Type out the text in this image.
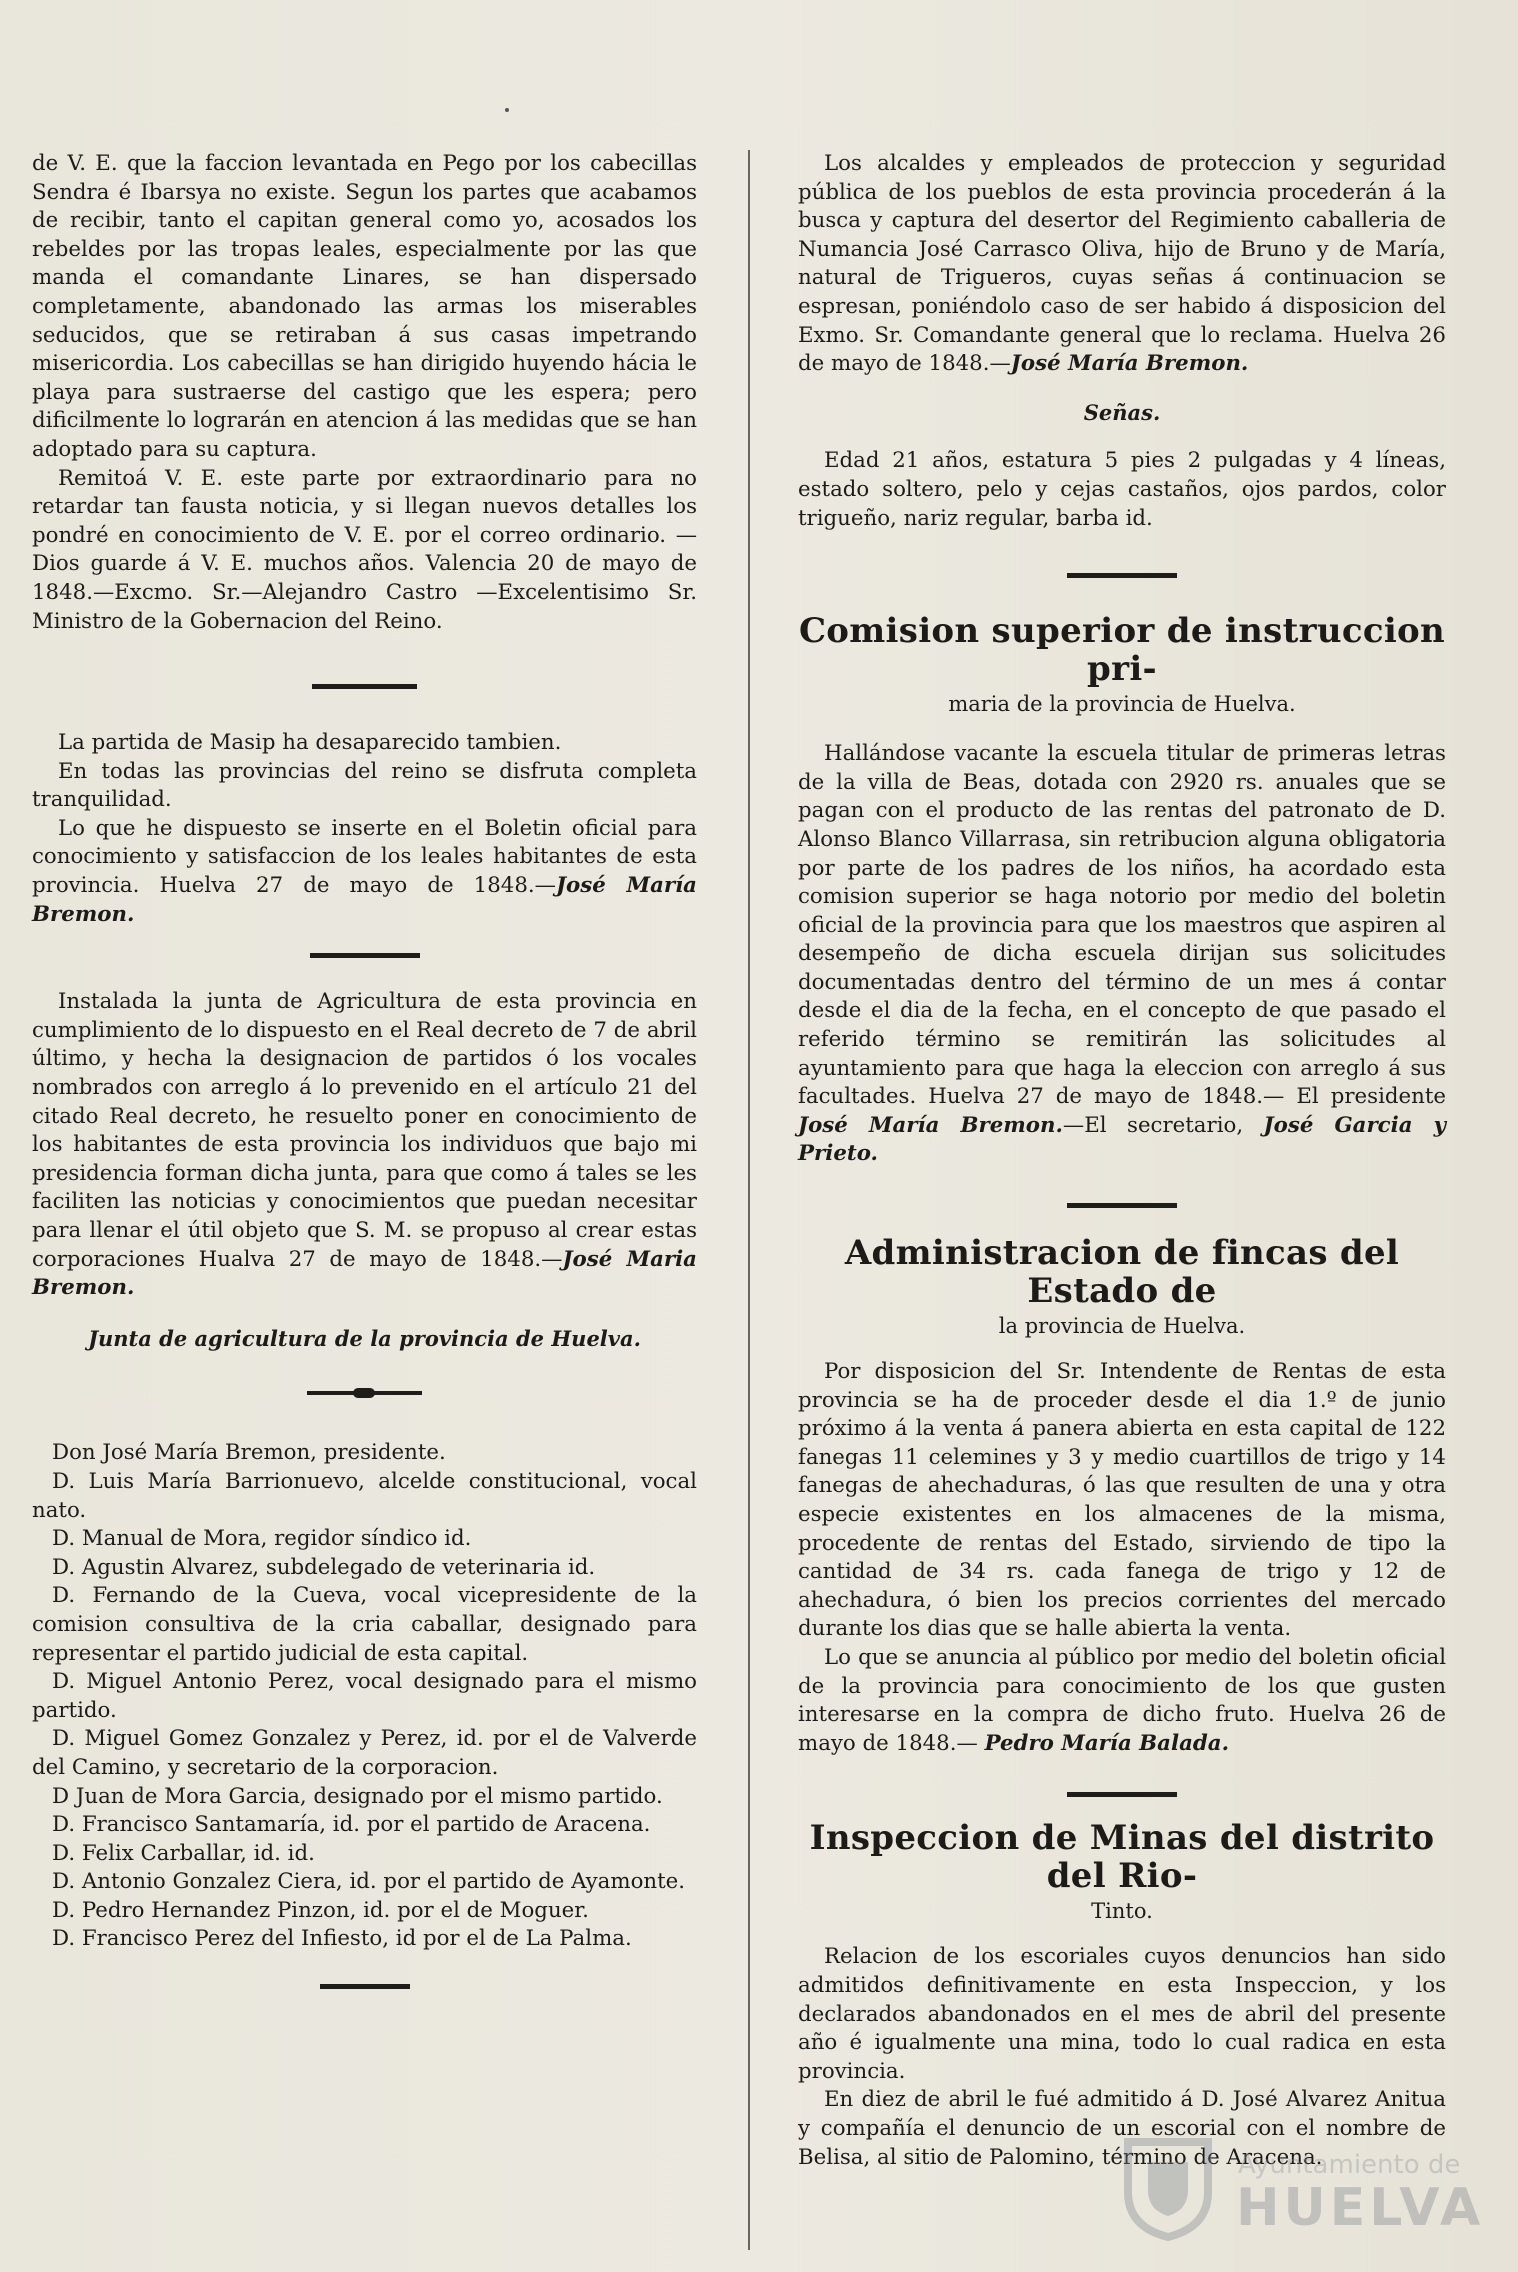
de V. E. que la faccion levantada en Pego por los cabecillas Sendra é Ibarsya no existe. Segun los partes que acabamos de recibir, tanto el capitan general como yo, acosados los rebeldes por las tropas leales, especialmente por las que manda el comandante Linares, se han dispersado completamente, abandonado las armas los miserables seducidos, que se retiraban á sus casas impetrando misericordia. Los cabecillas se han dirigido huyendo hácia le playa para sustraerse del castigo que les espera; pero dificilmente lo lograrán en atencion á las medidas que se han adoptado para su captura.

Remitoá V. E. este parte por extraordinario para no retardar tan fausta noticia, y si llegan nuevos detalles los pondré en conocimiento de V. E. por el correo ordinario. —Dios guarde á V. E. muchos años. Valencia 20 de mayo de 1848.—Excmo. Sr.—Alejandro Castro —Excelentisimo Sr. Ministro de la Gobernacion del Reino.

La partida de Masip ha desaparecido tambien.

En todas las provincias del reino se disfruta completa tranquilidad.

Lo que he dispuesto se inserte en el Boletin oficial para conocimiento y satisfaccion de los leales habitantes de esta provincia. Huelva 27 de mayo de 1848.—José María Bremon.

Instalada la junta de Agricultura de esta provincia en cumplimiento de lo dispuesto en el Real decreto de 7 de abril último, y hecha la designacion de partidos ó los vocales nombrados con arreglo á lo prevenido en el artículo 21 del citado Real decreto, he resuelto poner en conocimiento de los habitantes de esta provincia los individuos que bajo mi presidencia forman dicha junta, para que como á tales se les faciliten las noticias y conocimientos que puedan necesitar para llenar el útil objeto que S. M. se propuso al crear estas corporaciones Hualva 27 de mayo de 1848.—José Maria Bremon.

Junta de agricultura de la provincia de Huelva.

Don José María Bremon, presidente.

D. Luis María Barrionuevo, alcelde constitucional, vocal nato.

D. Manual de Mora, regidor síndico id.

D. Agustin Alvarez, subdelegado de veterinaria id.

D. Fernando de la Cueva, vocal vicepresidente de la comision consultiva de la cria caballar, designado para representar el partido judicial de esta capital.

D. Miguel Antonio Perez, vocal designado para el mismo partido.

D. Miguel Gomez Gonzalez y Perez, id. por el de Valverde del Camino, y secretario de la corporacion.

D Juan de Mora Garcia, designado por el mismo partido.

D. Francisco Santamaría, id. por el partido de Aracena.

D. Felix Carballar, id. id.

D. Antonio Gonzalez Ciera, id. por el partido de Ayamonte.

D. Pedro Hernandez Pinzon, id. por el de Moguer.

D. Francisco Perez del Infiesto, id por el de La Palma.

Los alcaldes y empleados de proteccion y seguridad pública de los pueblos de esta provincia procederán á la busca y captura del desertor del Regimiento caballeria de Numancia José Carrasco Oliva, hijo de Bruno y de María, natural de Trigueros, cuyas señas á continuacion se espresan, poniéndolo caso de ser habido á disposicion del Exmo. Sr. Comandante general que lo reclama. Huelva 26 de mayo de 1848.—José María Bremon.

Señas.

Edad 21 años, estatura 5 pies 2 pulgadas y 4 líneas, estado soltero, pelo y cejas castaños, ojos pardos, color trigueño, nariz regular, barba id.

Comision superior de instruccion pri-

maria de la provincia de Huelva.

Hallándose vacante la escuela titular de primeras letras de la villa de Beas, dotada con 2920 rs. anuales que se pagan con el producto de las rentas del patronato de D. Alonso Blanco Villarrasa, sin retribucion alguna obligatoria por parte de los padres de los niños, ha acordado esta comision superior se haga notorio por medio del boletin oficial de la provincia para que los maestros que aspiren al desempeño de dicha escuela dirijan sus solicitudes documentadas dentro del término de un mes á contar desde el dia de la fecha, en el concepto de que pasado el referido término se remitirán las solicitudes al ayuntamiento para que haga la eleccion con arreglo á sus facultades. Huelva 27 de mayo de 1848.— El presidente José María Bremon.—El secretario, José Garcia y Prieto.

Administracion de fincas del Estado de

la provincia de Huelva.

Por disposicion del Sr. Intendente de Rentas de esta provincia se ha de proceder desde el dia 1.º de junio próximo á la venta á panera abierta en esta capital de 122 fanegas 11 celemines y 3 y medio cuartillos de trigo y 14 fanegas de ahechaduras, ó las que resulten de una y otra especie existentes en los almacenes de la misma, procedente de rentas del Estado, sirviendo de tipo la cantidad de 34 rs. cada fanega de trigo y 12 de ahechadura, ó bien los precios corrientes del mercado durante los dias que se halle abierta la venta.

Lo que se anuncia al público por medio del boletin oficial de la provincia para conocimiento de los que gusten interesarse en la compra de dicho fruto. Huelva 26 de mayo de 1848.— Pedro María Balada.

Inspeccion de Minas del distrito del Rio-

Tinto.

Relacion de los escoriales cuyos denuncios han sido admitidos definitivamente en esta Inspeccion, y los declarados abandonados en el mes de abril del presente año é igualmente una mina, todo lo cual radica en esta provincia.

En diez de abril le fué admitido á D. José Alvarez Anitua y compañía el denuncio de un escorial con el nombre de Belisa, al sitio de Palomino, término de Aracena.

Ayuntamiento de
HUELVA
